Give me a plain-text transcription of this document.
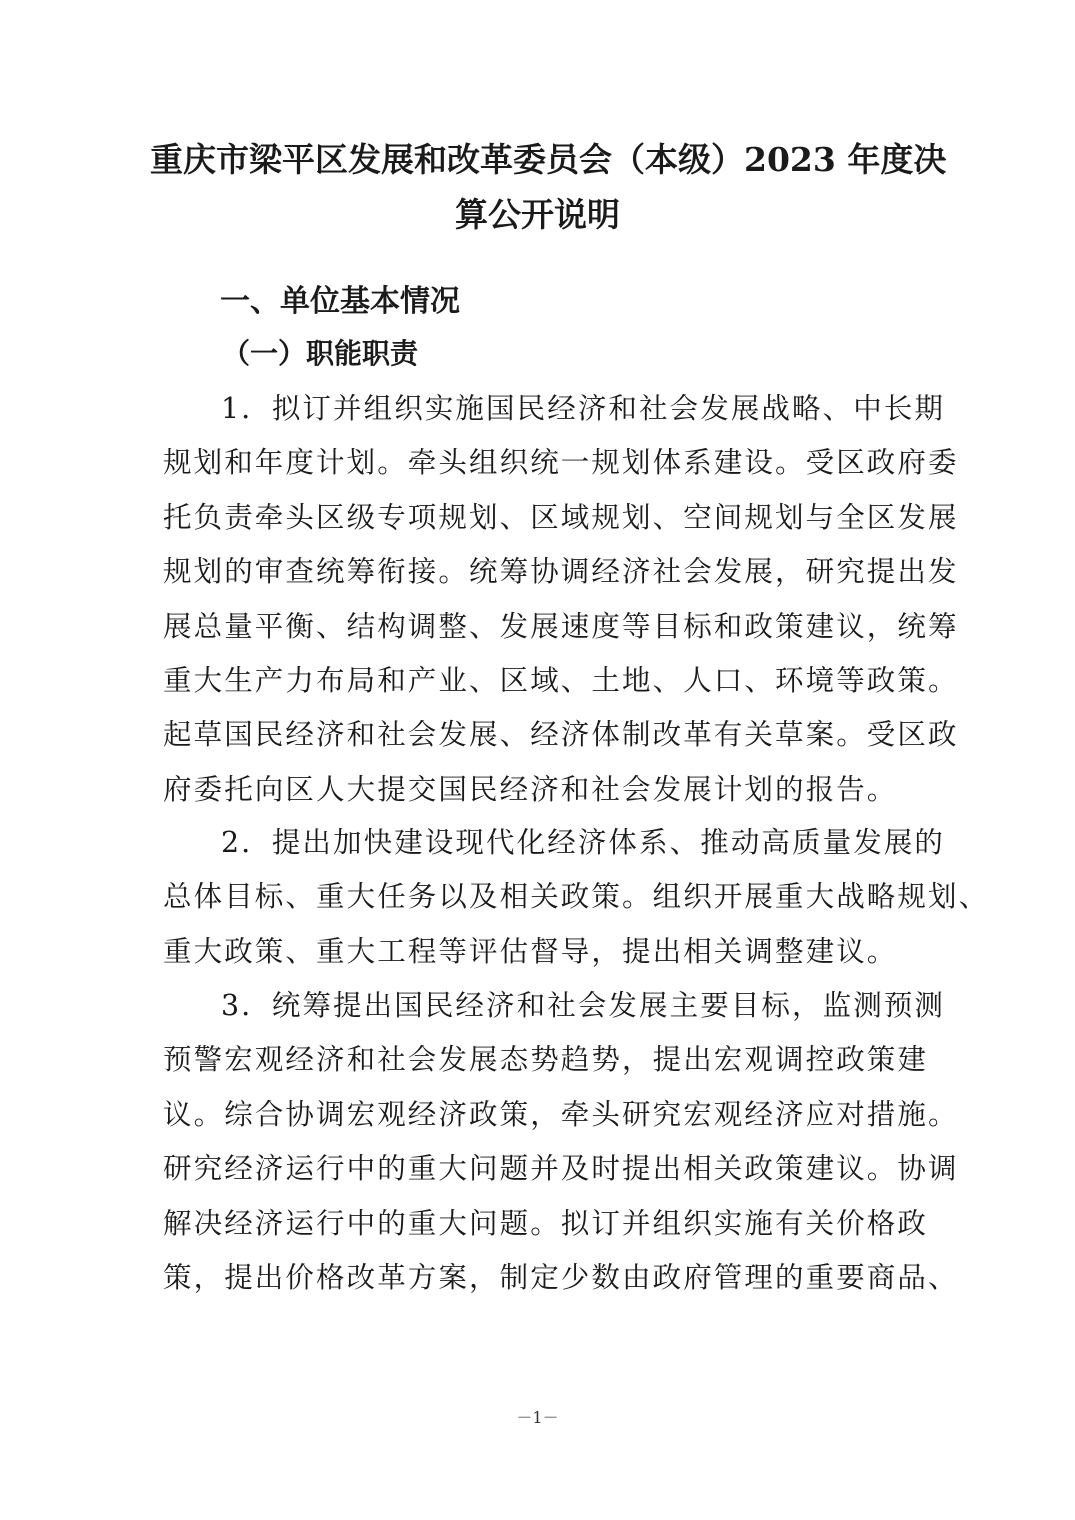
重庆市梁平区发展和改革委员会（本级）2023 年度决
算公开说明
一、单位基本情况
（一）职能职责

1．拟订并组织实施国民经济和社会发展战略、中长期
规划和年度计划。牵头组织统一规划体系建设。受区政府委
托负责牵头区级专项规划、区域规划、空间规划与全区发展
规划的审查统筹衔接。统筹协调经济社会发展，研究提出发
展总量平衡、结构调整、发展速度等目标和政策建议，统筹
重大生产力布局和产业、区域、土地、人口、环境等政策。
起草国民经济和社会发展、经济体制改革有关草案。受区政
府委托向区人大提交国民经济和社会发展计划的报告。

2．提出加快建设现代化经济体系、推动高质量发展的
总体目标、重大任务以及相关政策。组织开展重大战略规划、
重大政策、重大工程等评估督导，提出相关调整建议。

3．统筹提出国民经济和社会发展主要目标，监测预测
预警宏观经济和社会发展态势趋势，提出宏观调控政策建
议。综合协调宏观经济政策，牵头研究宏观经济应对措施。
研究经济运行中的重大问题并及时提出相关政策建议。协调
解决经济运行中的重大问题。拟订并组织实施有关价格政
策，提出价格改革方案，制定少数由政府管理的重要商品、

－1－
